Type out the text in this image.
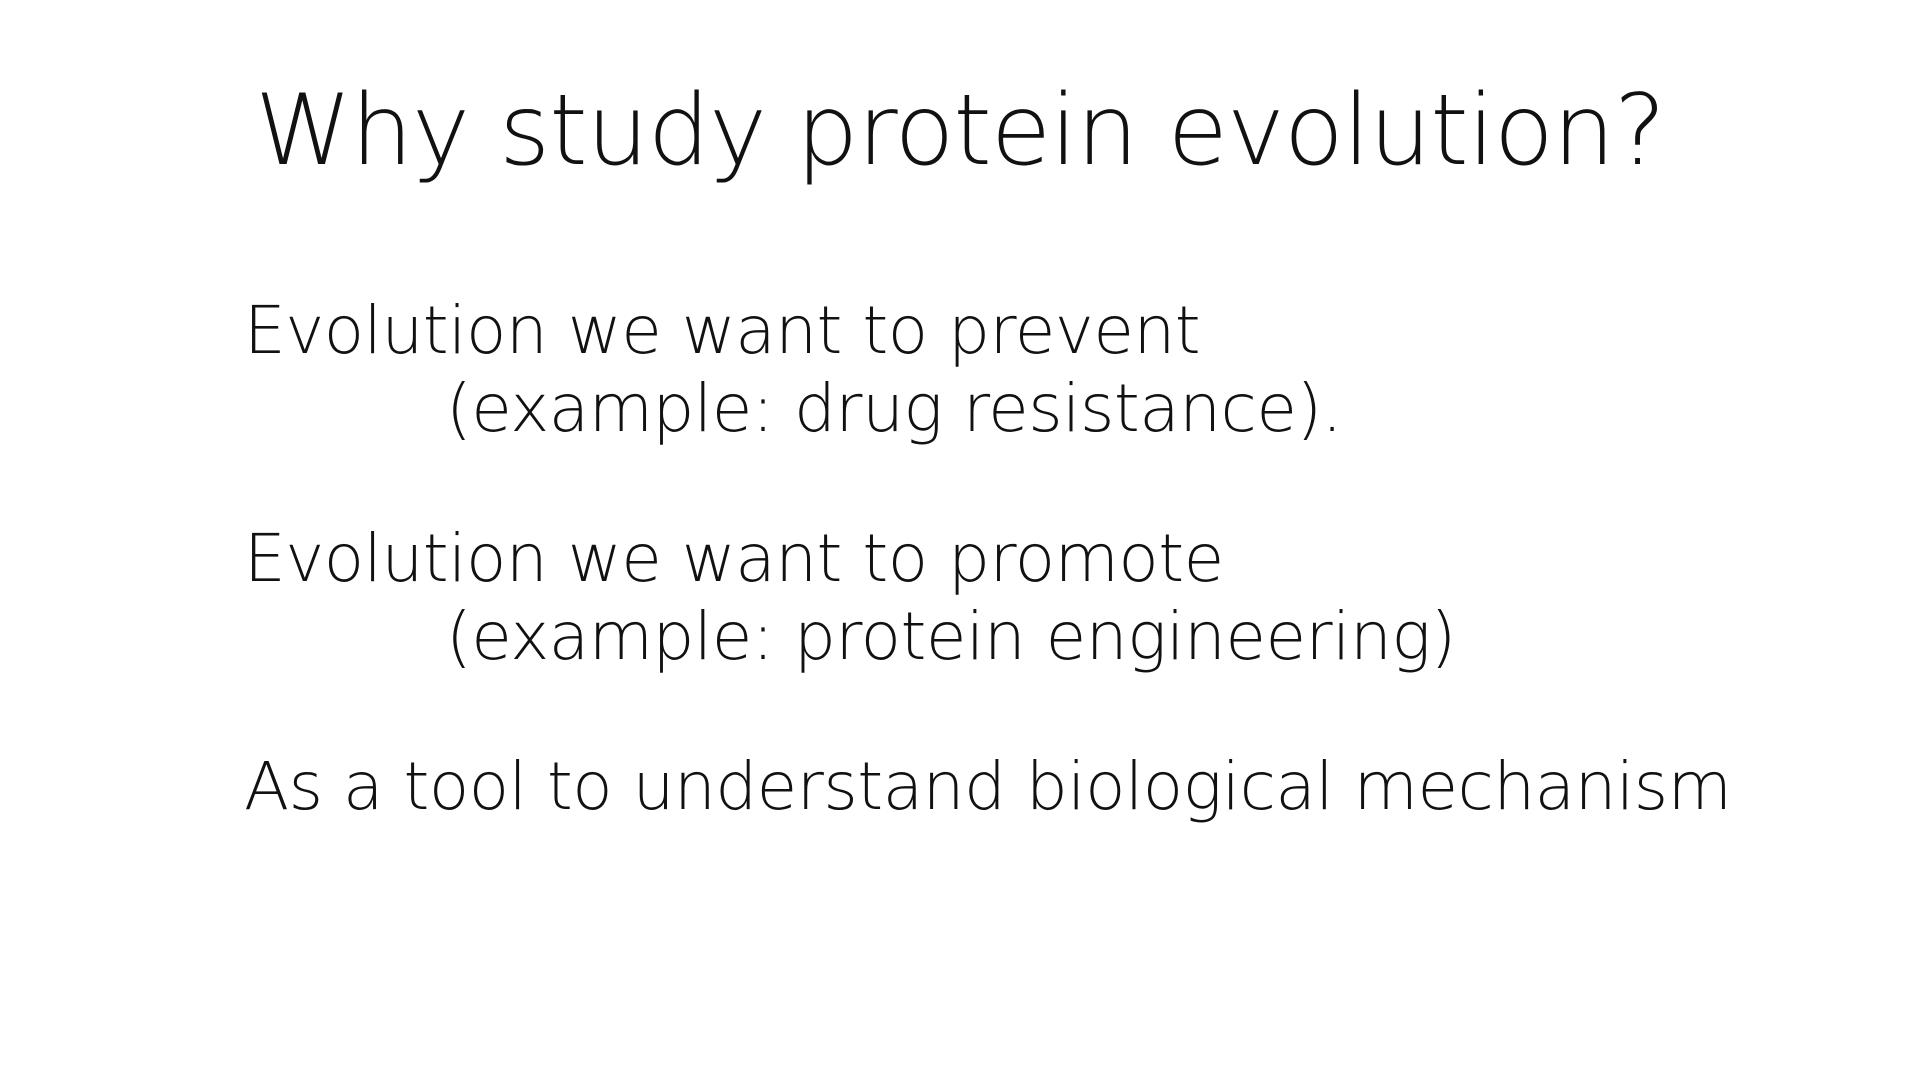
Why study protein evolution?
Evolution we want to prevent
(example: drug resistance).
Evolution we want to promote
(example: protein engineering)
As a tool to understand biological mechanism
